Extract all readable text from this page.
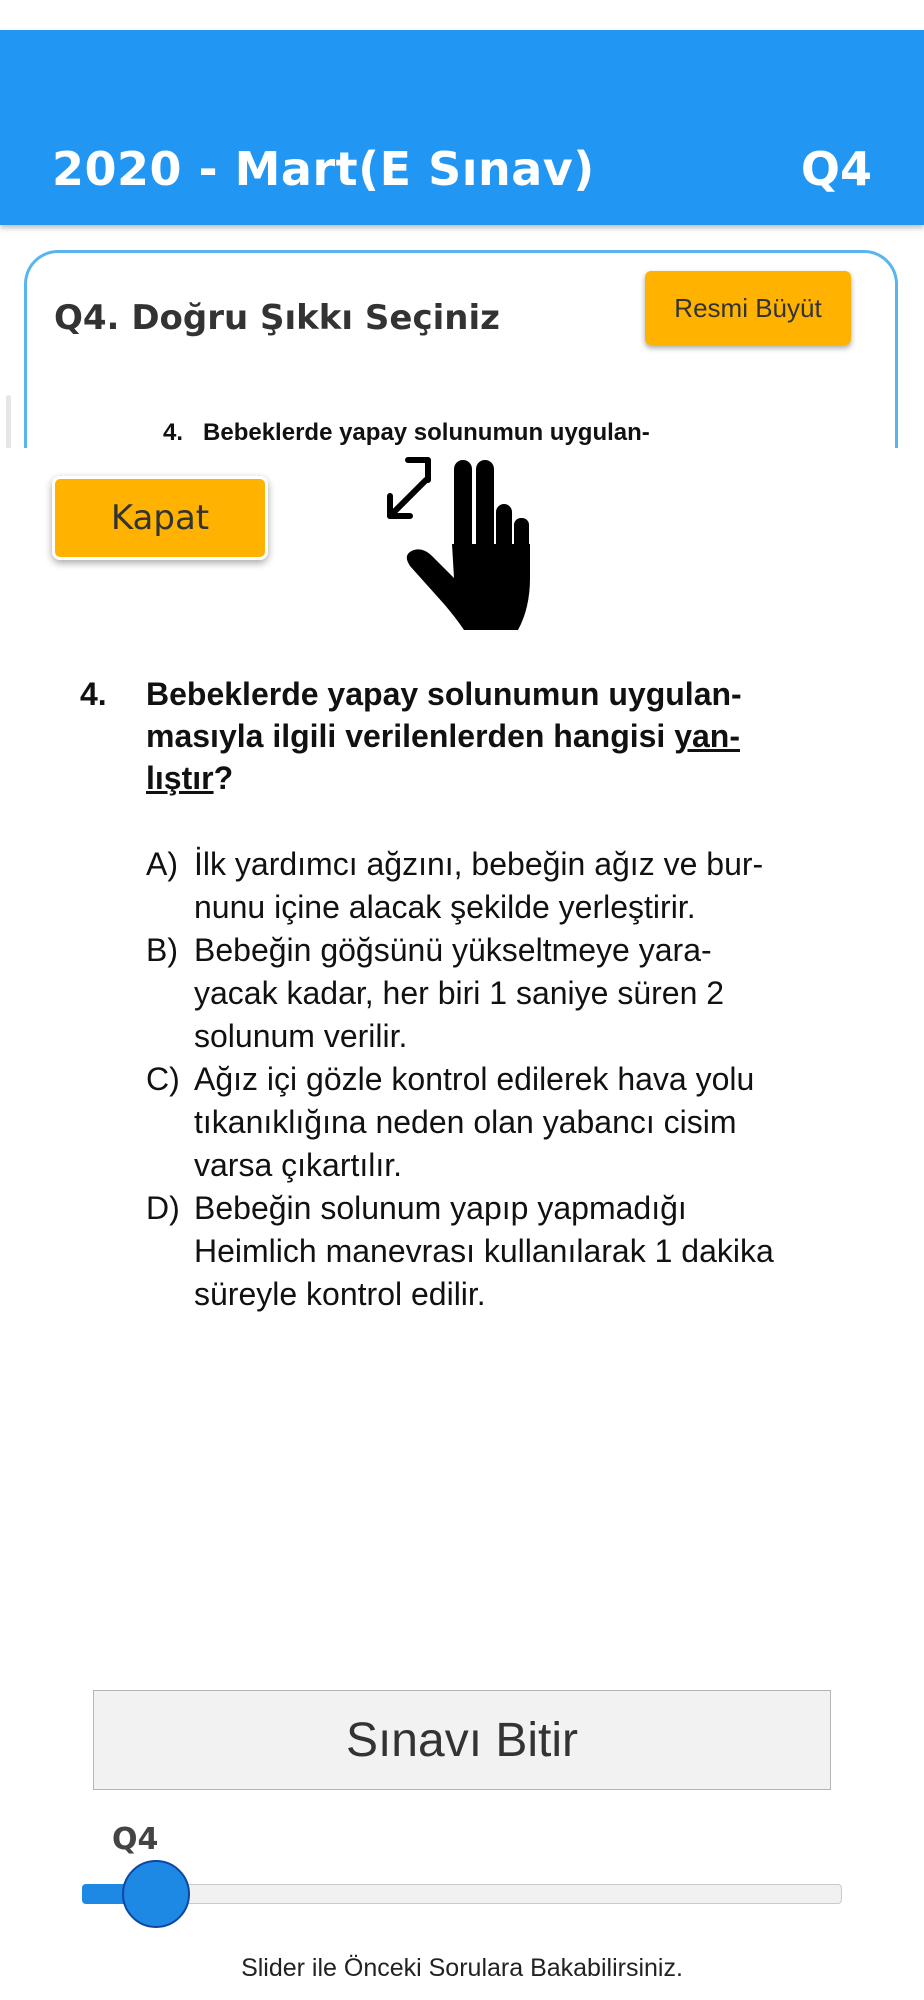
2020 - Mart(E Sınav)	Q4
Q4. Doğru Şıkkı Seçiniz	Resmi Büyüt
4. Bebeklerde yapay solunumun uygulan-
Kapat
4. Bebeklerde yapay solunumun uygulan-
masıyla ilgili verilenlerden hangisi yan-
lıştır?
A) İlk yardımcı ağzını, bebeğin ağız ve bur-
nunu içine alacak şekilde yerleştirir.
B) Bebeğin göğsünü yükseltmeye yara-
yacak kadar, her biri 1 saniye süren 2
solunum verilir.
C) Ağız içi gözle kontrol edilerek hava yolu
tıkanıklığına neden olan yabancı cisim
varsa çıkartılır.
D) Bebeğin solunum yapıp yapmadığı
Heimlich manevrası kullanılarak 1 dakika
süreyle kontrol edilir.
Sınavı Bitir
Q4
Slider ile Önceki Sorulara Bakabilirsiniz.
